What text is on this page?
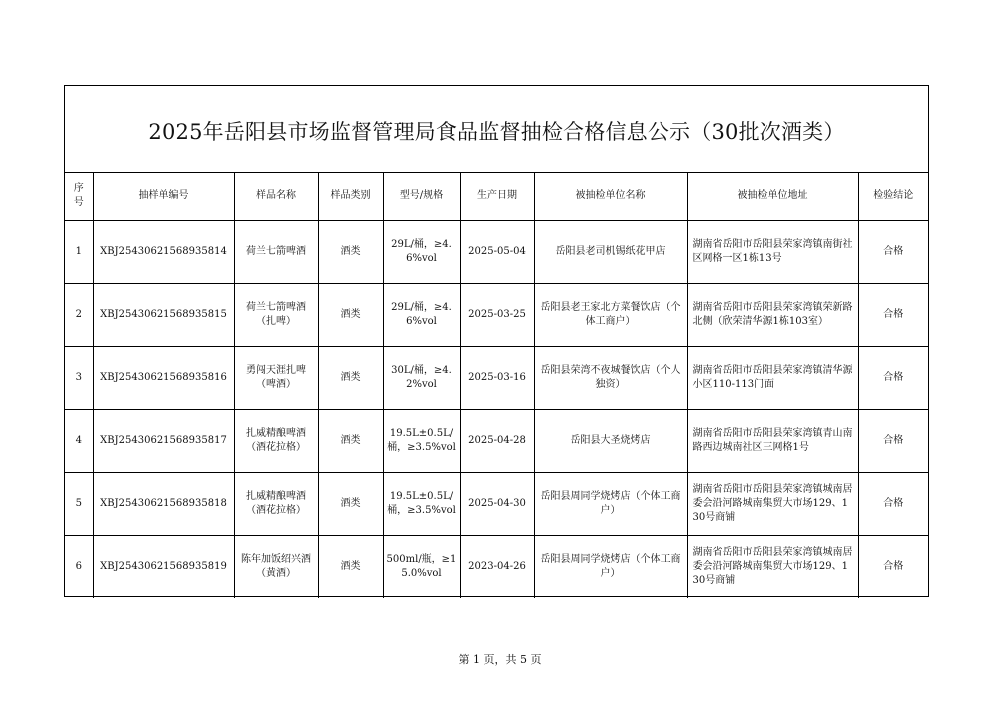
2025年岳阳县市场监督管理局食品监督抽检合格信息公示（30批次酒类）
序号	抽样单编号	样品名称	样品类别	型号/规格	生产日期	被抽检单位名称	被抽检单位地址	检验结论
1	XBJ25430621568935814	荷兰七箭啤酒	酒类	29L/桶，≥4.6%vol	2025-05-04	岳阳县老司机锡纸花甲店	湖南省岳阳市岳阳县荣家湾镇南街社区网格一区1栋13号	合格
2	XBJ25430621568935815	荷兰七箭啤酒（扎啤）	酒类	29L/桶，≥4.6%vol	2025-03-25	岳阳县老王家北方菜餐饮店（个体工商户）	湖南省岳阳市岳阳县荣家湾镇荣新路北侧（欣荣清华源1栋103室）	合格
3	XBJ25430621568935816	勇闯天涯扎啤（啤酒）	酒类	30L/桶，≥4.2%vol	2025-03-16	岳阳县荣湾不夜城餐饮店（个人独资）	湖南省岳阳市岳阳县荣家湾镇清华源小区110-113门面	合格
4	XBJ25430621568935817	扎威精酿啤酒（酒花拉格）	酒类	19.5L±0.5L/桶，≥3.5%vol	2025-04-28	岳阳县大圣烧烤店	湖南省岳阳市岳阳县荣家湾镇青山南路西边城南社区三网格1号	合格
5	XBJ25430621568935818	扎威精酿啤酒（酒花拉格）	酒类	19.5L±0.5L/桶，≥3.5%vol	2025-04-30	岳阳县周同学烧烤店（个体工商户）	湖南省岳阳市岳阳县荣家湾镇城南居委会沿河路城南集贸大市场129、130号商铺	合格
6	XBJ25430621568935819	陈年加饭绍兴酒（黄酒）	酒类	500ml/瓶，≥15.0%vol	2023-04-26	岳阳县周同学烧烤店（个体工商户）	湖南省岳阳市岳阳县荣家湾镇城南居委会沿河路城南集贸大市场129、130号商铺	合格
第 1 页，共 5 页
